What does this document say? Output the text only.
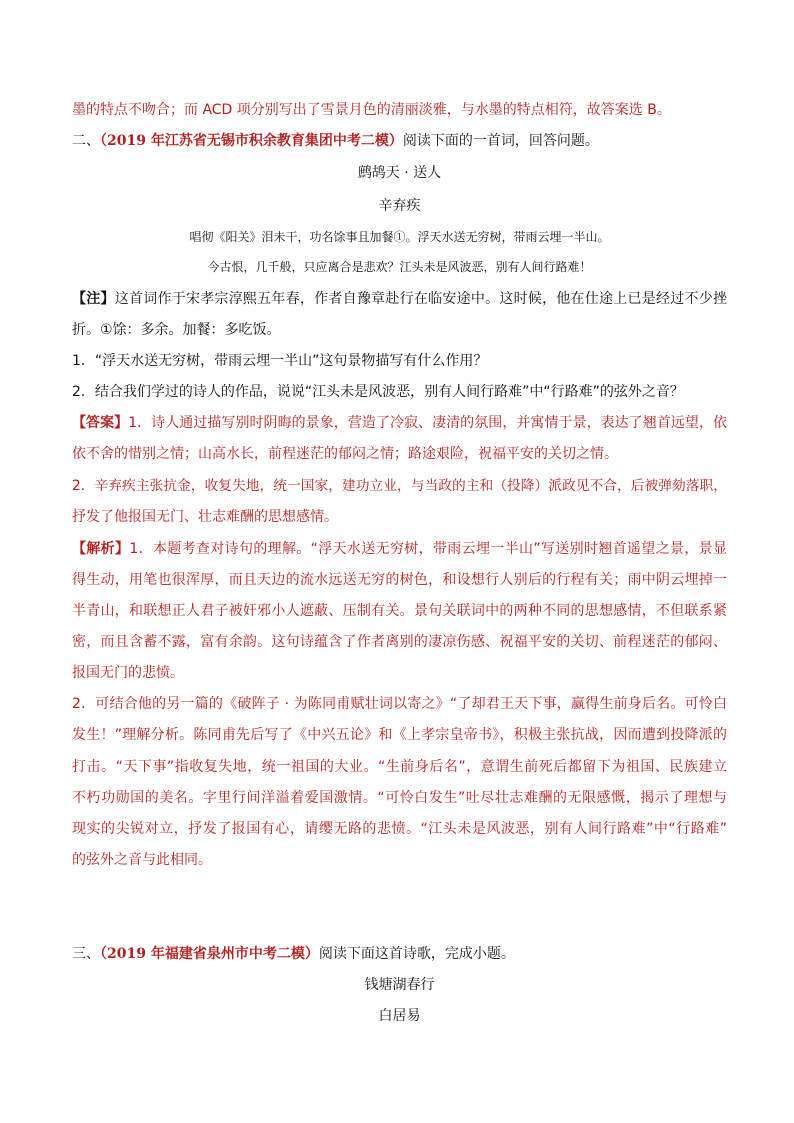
墨的特点不吻合；而 ACD 项分别写出了雪景月色的清丽淡雅，与水墨的特点相符，故答案选 B。
二、（2019 年江苏省无锡市积余教育集团中考二模）阅读下面的一首词，回答问题。
鹧鸪天 · 送人
辛弃疾
唱彻《阳关》泪未干，功名馀事且加餐①。浮天水送无穷树，带雨云埋一半山。
今古恨，几千般，只应离合是悲欢？江头未是风波恶，别有人间行路难！
【注】这首词作于宋孝宗淳熙五年春，作者自豫章赴行在临安途中。这时候，他在仕途上已是经过不少挫
折。①馀：多余。加餐：多吃饭。
1．“浮天水送无穷树，带雨云埋一半山”这句景物描写有什么作用？
2．结合我们学过的诗人的作品，说说“江头未是风波恶，别有人间行路难”中“行路难”的弦外之音？
【答案】1．诗人通过描写别时阴晦的景象，营造了冷寂、凄清的氛围，并寓情于景，表达了翘首远望，依
依不舍的惜别之情；山高水长，前程迷茫的郁闷之情；路途艰险，祝福平安的关切之情。
2．辛弃疾主张抗金，收复失地，统一国家，建功立业，与当政的主和（投降）派政见不合，后被弹劾落职，
抒发了他报国无门、壮志难酬的思想感情。
【解析】1．本题考查对诗句的理解。“浮天水送无穷树，带雨云埋一半山”写送别时翘首遥望之景，景显
得生动，用笔也很浑厚，而且天边的流水远送无穷的树色，和设想行人别后的行程有关；雨中阴云埋掉一
半青山，和联想正人君子被奸邪小人遮蔽、压制有关。景句关联词中的两种不同的思想感情，不但联系紧
密，而且含蓄不露，富有余韵。这句诗蕴含了作者离别的凄凉伤感、祝福平安的关切、前程迷茫的郁闷、
报国无门的悲愤。
2．可结合他的另一篇的《破阵子 · 为陈同甫赋壮词以寄之》“了却君王天下事，赢得生前身后名。可怜白
发生！”理解分析。陈同甫先后写了《中兴五论》和《上孝宗皇帝书》，积极主张抗战，因而遭到投降派的
打击。“天下事”指收复失地，统一祖国的大业。“生前身后名”，意谓生前死后都留下为祖国、民族建立
不朽功勋国的美名。字里行间洋溢着爱国激情。“可怜白发生”吐尽壮志难酬的无限感慨，揭示了理想与
现实的尖锐对立，抒发了报国有心，请缨无路的悲愤。“江头未是风波恶，别有人间行路难”中“行路难”
的弦外之音与此相同。
三、（2019 年福建省泉州市中考二模）阅读下面这首诗歌，完成小题。
钱塘湖春行
白居易
